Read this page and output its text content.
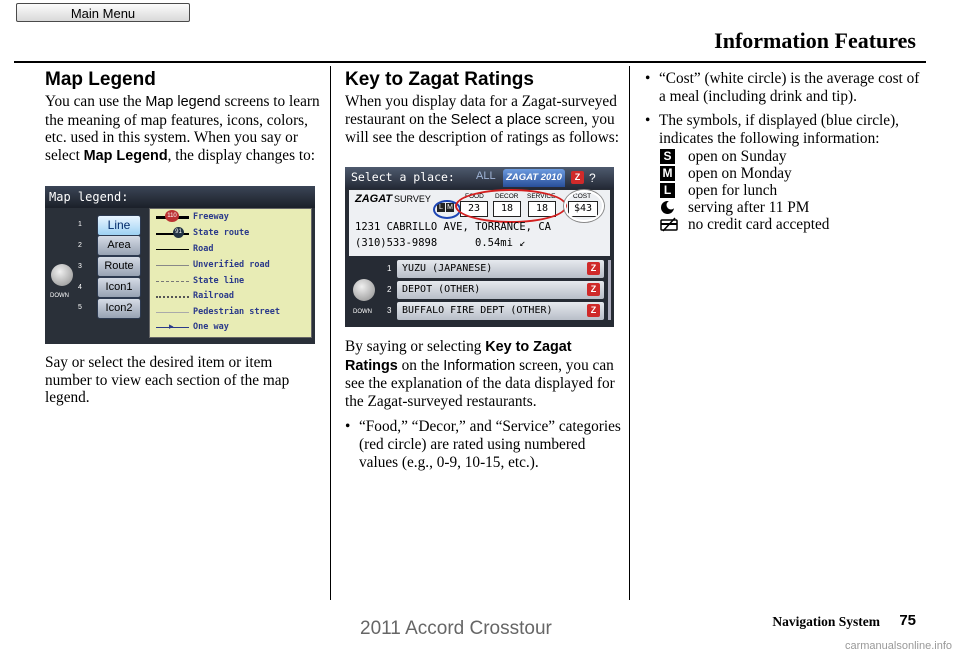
Main Menu
Information Features
Map Legend
You can use the Map legend screens to learn the meaning of map features, icons, colors, etc. used in this system. When you say or select Map Legend, the display changes to:
Map legend:
DOWN
Line
Area
Route
Icon1
Icon2
1
2
3
4
5
110 Freeway
91 State route
Road
Unverified road
State line
Railroad
Pedestrian street
▸ One way
Say or select the desired item or item number to view each section of the map legend.
Key to Zagat Ratings
When you display data for a Zagat-surveyed restaurant on the Select a place screen, you will see the description of ratings as follows:
Select a place: ALL	ZAGAT 2010	Z ?
ZAGAT SURVEY
L M
FOOD
23
DECOR
18
SERVICE
18
COST
$43
1231 CABRILLO AVE, TORRANCE, CA
(310)533-9898	0.54mi ↙
DOWN
1 YUZU (JAPANESE)	Z
2 DEPOT (OTHER)	Z
3 BUFFALO FIRE DEPT (OTHER)	Z
By saying or selecting Key to Zagat Ratings on the Information screen, you can see the explanation of the data displayed for the Zagat-surveyed restaurants.
• “Food,” “Decor,” and “Service” categories (red circle) are rated using numbered values (e.g., 0-9, 10-15, etc.).
• “Cost” (white circle) is the average cost of a meal (including drink and tip).
• The symbols, if displayed (blue circle), indicates the following information:
S open on Sunday
M open on Monday
L open for lunch
serving after 11 PM
no credit card accepted
Navigation System 75
2011 Accord Crosstour
carmanualsonline.info
